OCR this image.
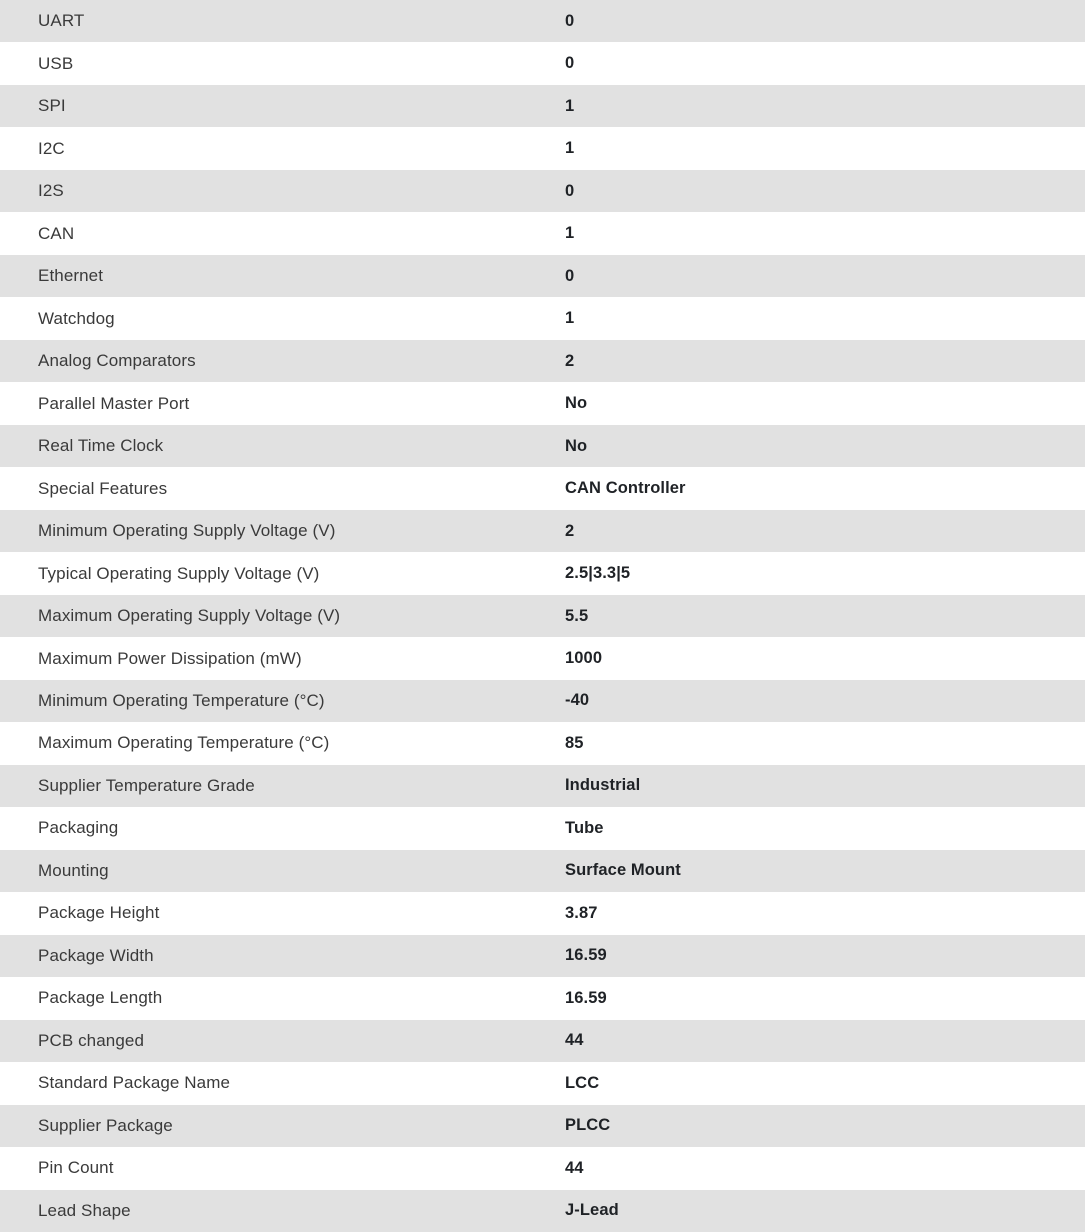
UART	0
USB	0
SPI	1
I2C	1
I2S	0
CAN	1
Ethernet	0
Watchdog	1
Analog Comparators	2
Parallel Master Port	No
Real Time Clock	No
Special Features	CAN Controller
Minimum Operating Supply Voltage (V)	2
Typical Operating Supply Voltage (V)	2.5|3.3|5
Maximum Operating Supply Voltage (V)	5.5
Maximum Power Dissipation (mW)	1000
Minimum Operating Temperature (°C)	-40
Maximum Operating Temperature (°C)	85
Supplier Temperature Grade	Industrial
Packaging	Tube
Mounting	Surface Mount
Package Height	3.87
Package Width	16.59
Package Length	16.59
PCB changed	44
Standard Package Name	LCC
Supplier Package	PLCC
Pin Count	44
Lead Shape	J-Lead
